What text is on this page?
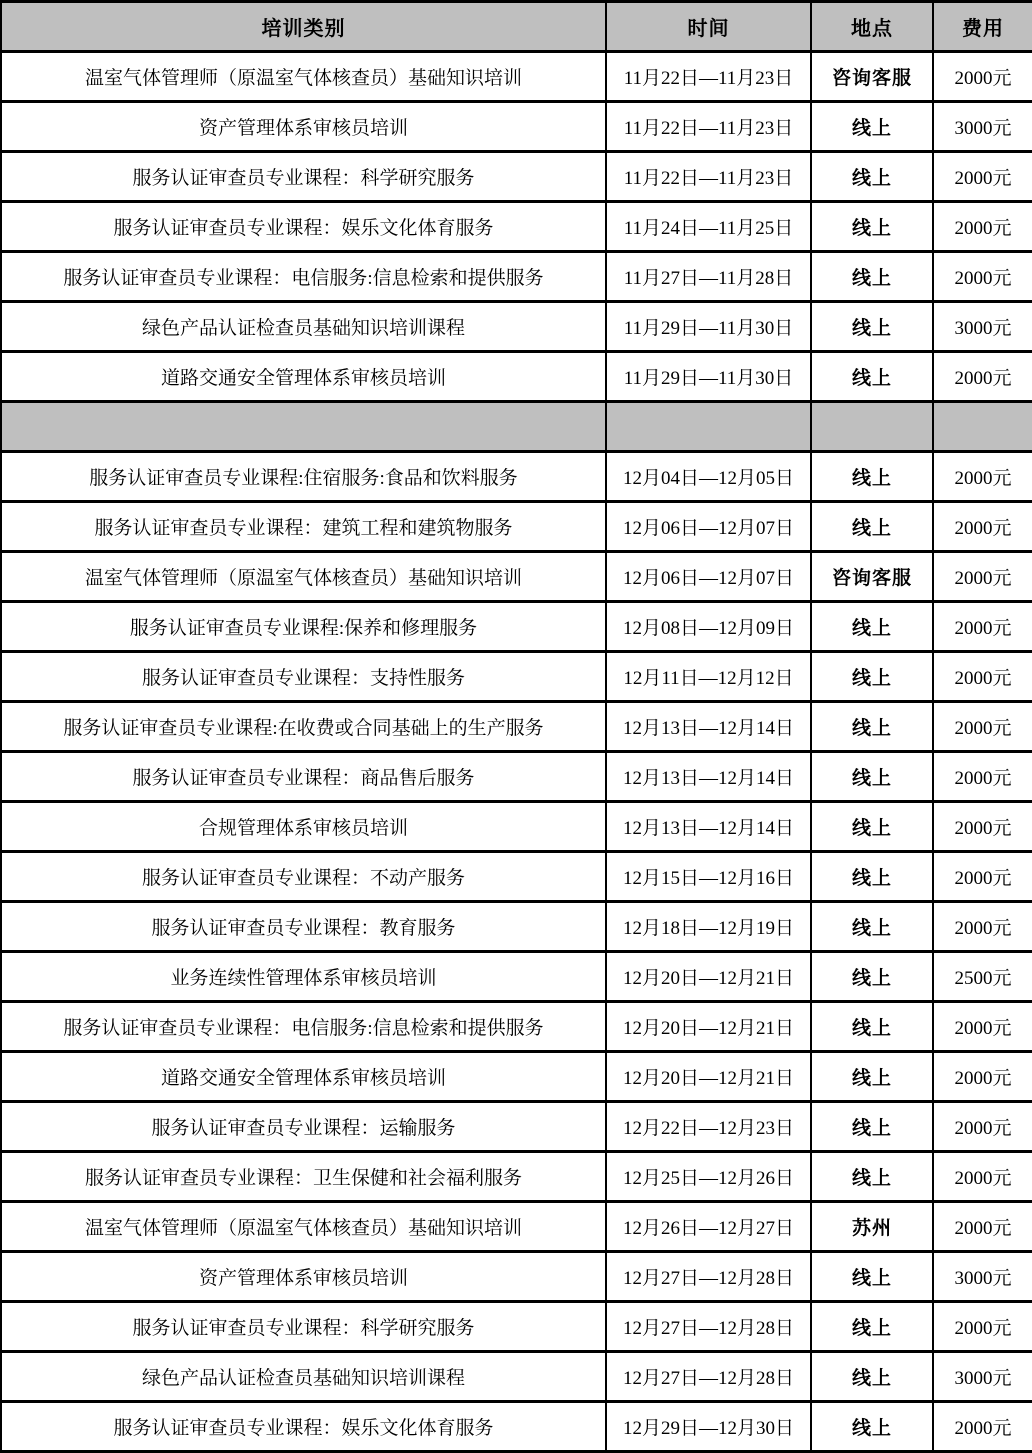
培训类别	时间	地点	费用
温室气体管理师（原温室气体核查员）基础知识培训	11月22日—11月23日	咨询客服	2000元
资产管理体系审核员培训	11月22日—11月23日	线上	3000元
服务认证审查员专业课程：科学研究服务	11月22日—11月23日	线上	2000元
服务认证审查员专业课程：娱乐文化体育服务	11月24日—11月25日	线上	2000元
服务认证审查员专业课程：电信服务:信息检索和提供服务	11月27日—11月28日	线上	2000元
绿色产品认证检查员基础知识培训课程	11月29日—11月30日	线上	3000元
道路交通安全管理体系审核员培训	11月29日—11月30日	线上	2000元

服务认证审查员专业课程:住宿服务:食品和饮料服务	12月04日—12月05日	线上	2000元
服务认证审查员专业课程：建筑工程和建筑物服务	12月06日—12月07日	线上	2000元
温室气体管理师（原温室气体核查员）基础知识培训	12月06日—12月07日	咨询客服	2000元
服务认证审查员专业课程:保养和修理服务	12月08日—12月09日	线上	2000元
服务认证审查员专业课程：支持性服务	12月11日—12月12日	线上	2000元
服务认证审查员专业课程:在收费或合同基础上的生产服务	12月13日—12月14日	线上	2000元
服务认证审查员专业课程：商品售后服务	12月13日—12月14日	线上	2000元
合规管理体系审核员培训	12月13日—12月14日	线上	2000元
服务认证审查员专业课程：不动产服务	12月15日—12月16日	线上	2000元
服务认证审查员专业课程：教育服务	12月18日—12月19日	线上	2000元
业务连续性管理体系审核员培训	12月20日—12月21日	线上	2500元
服务认证审查员专业课程：电信服务:信息检索和提供服务	12月20日—12月21日	线上	2000元
道路交通安全管理体系审核员培训	12月20日—12月21日	线上	2000元
服务认证审查员专业课程：运输服务	12月22日—12月23日	线上	2000元
服务认证审查员专业课程：卫生保健和社会福利服务	12月25日—12月26日	线上	2000元
温室气体管理师（原温室气体核查员）基础知识培训	12月26日—12月27日	苏州	2000元
资产管理体系审核员培训	12月27日—12月28日	线上	3000元
服务认证审查员专业课程：科学研究服务	12月27日—12月28日	线上	2000元
绿色产品认证检查员基础知识培训课程	12月27日—12月28日	线上	3000元
服务认证审查员专业课程：娱乐文化体育服务	12月29日—12月30日	线上	2000元
